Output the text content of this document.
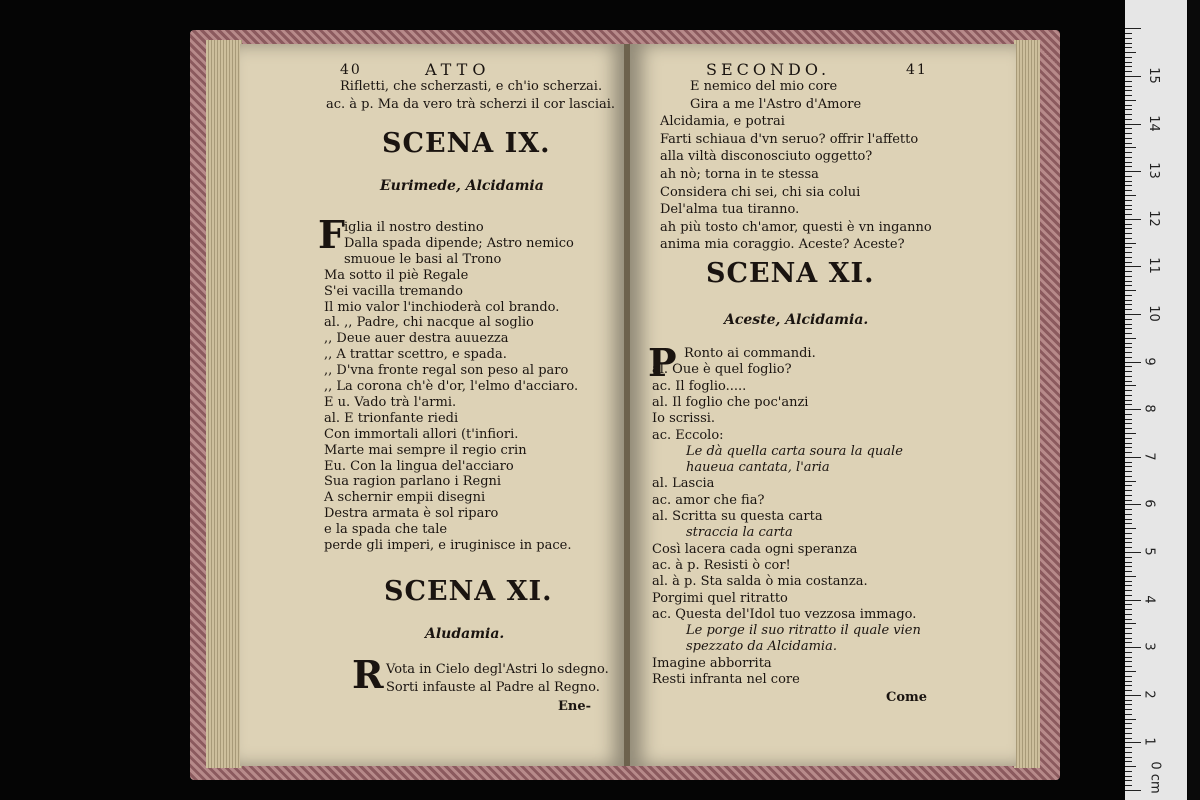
40	ATTO
Rifletti, che scherzasti, e ch'io scherzai.
ac. à p. Ma da vero trà scherzi il cor lasciai.
SCENA IX.
Eurimede, Alcidamia
F iglia il nostro destino
Dalla spada dipende; Astro nemico
smuoue le basi al Trono
Ma sotto il piè Regale
S'ei vacilla tremando
Il mio valor l'inchioderà col brando.
al. ,, Padre, chi nacque al soglio
,, Deue auer destra auuezza
,, A trattar scettro, e spada.
,, D'vna fronte regal son peso al paro
,, La corona ch'è d'or, l'elmo d'acciaro.
E u. Vado trà l'armi.
al. E trionfante riedi
Con immortali allori (t'infiori.
Marte mai sempre il regio crin
Eu. Con la lingua del'acciaro
Sua ragion parlano i Regni
A schernir empii disegni
Destra armata è sol riparo
e la spada che tale
perde gli imperi, e iruginisce in pace.
SCENA XI.
Aludamia.
R Vota in Cielo degl'Astri lo sdegno.
Sorti infauste al Padre al Regno.
Ene-
SECONDO.	41
E nemico del mio core
Gira a me l'Astro d'Amore
Alcidamia, e potrai
Farti schiaua d'vn seruo? offrir l'affetto
alla viltà disconosciuto oggetto?
ah nò; torna in te stessa
Considera chi sei, chi sia colui
Del'alma tua tiranno.
ah più tosto ch'amor, questi è vn inganno
anima mia coraggio. Aceste? Aceste?
SCENA XI.
Aceste, Alcidamia.
P Ronto ai commandi.
al. Oue è quel foglio?
ac. Il foglio.....
al. Il foglio che poc'anzi
Io scrissi.
ac. Eccolo:
Le dà quella carta soura la quale
haueua cantata, l'aria
al. Lascia
ac. amor che fia?
al. Scritta su questa carta
straccia la carta
Così lacera cada ogni speranza
ac. à p. Resisti ò cor!
al. à p. Sta salda ò mia costanza.
Porgimi quel ritratto
ac. Questa del'Idol tuo vezzosa immago.
Le porge il suo ritratto il quale vien
spezzato da Alcidamia.
Imagine abborrita
Resti infranta nel core
Come
1
2
3
4
5
6
7
8
9
10
11
12
13
14
15
0 cm
